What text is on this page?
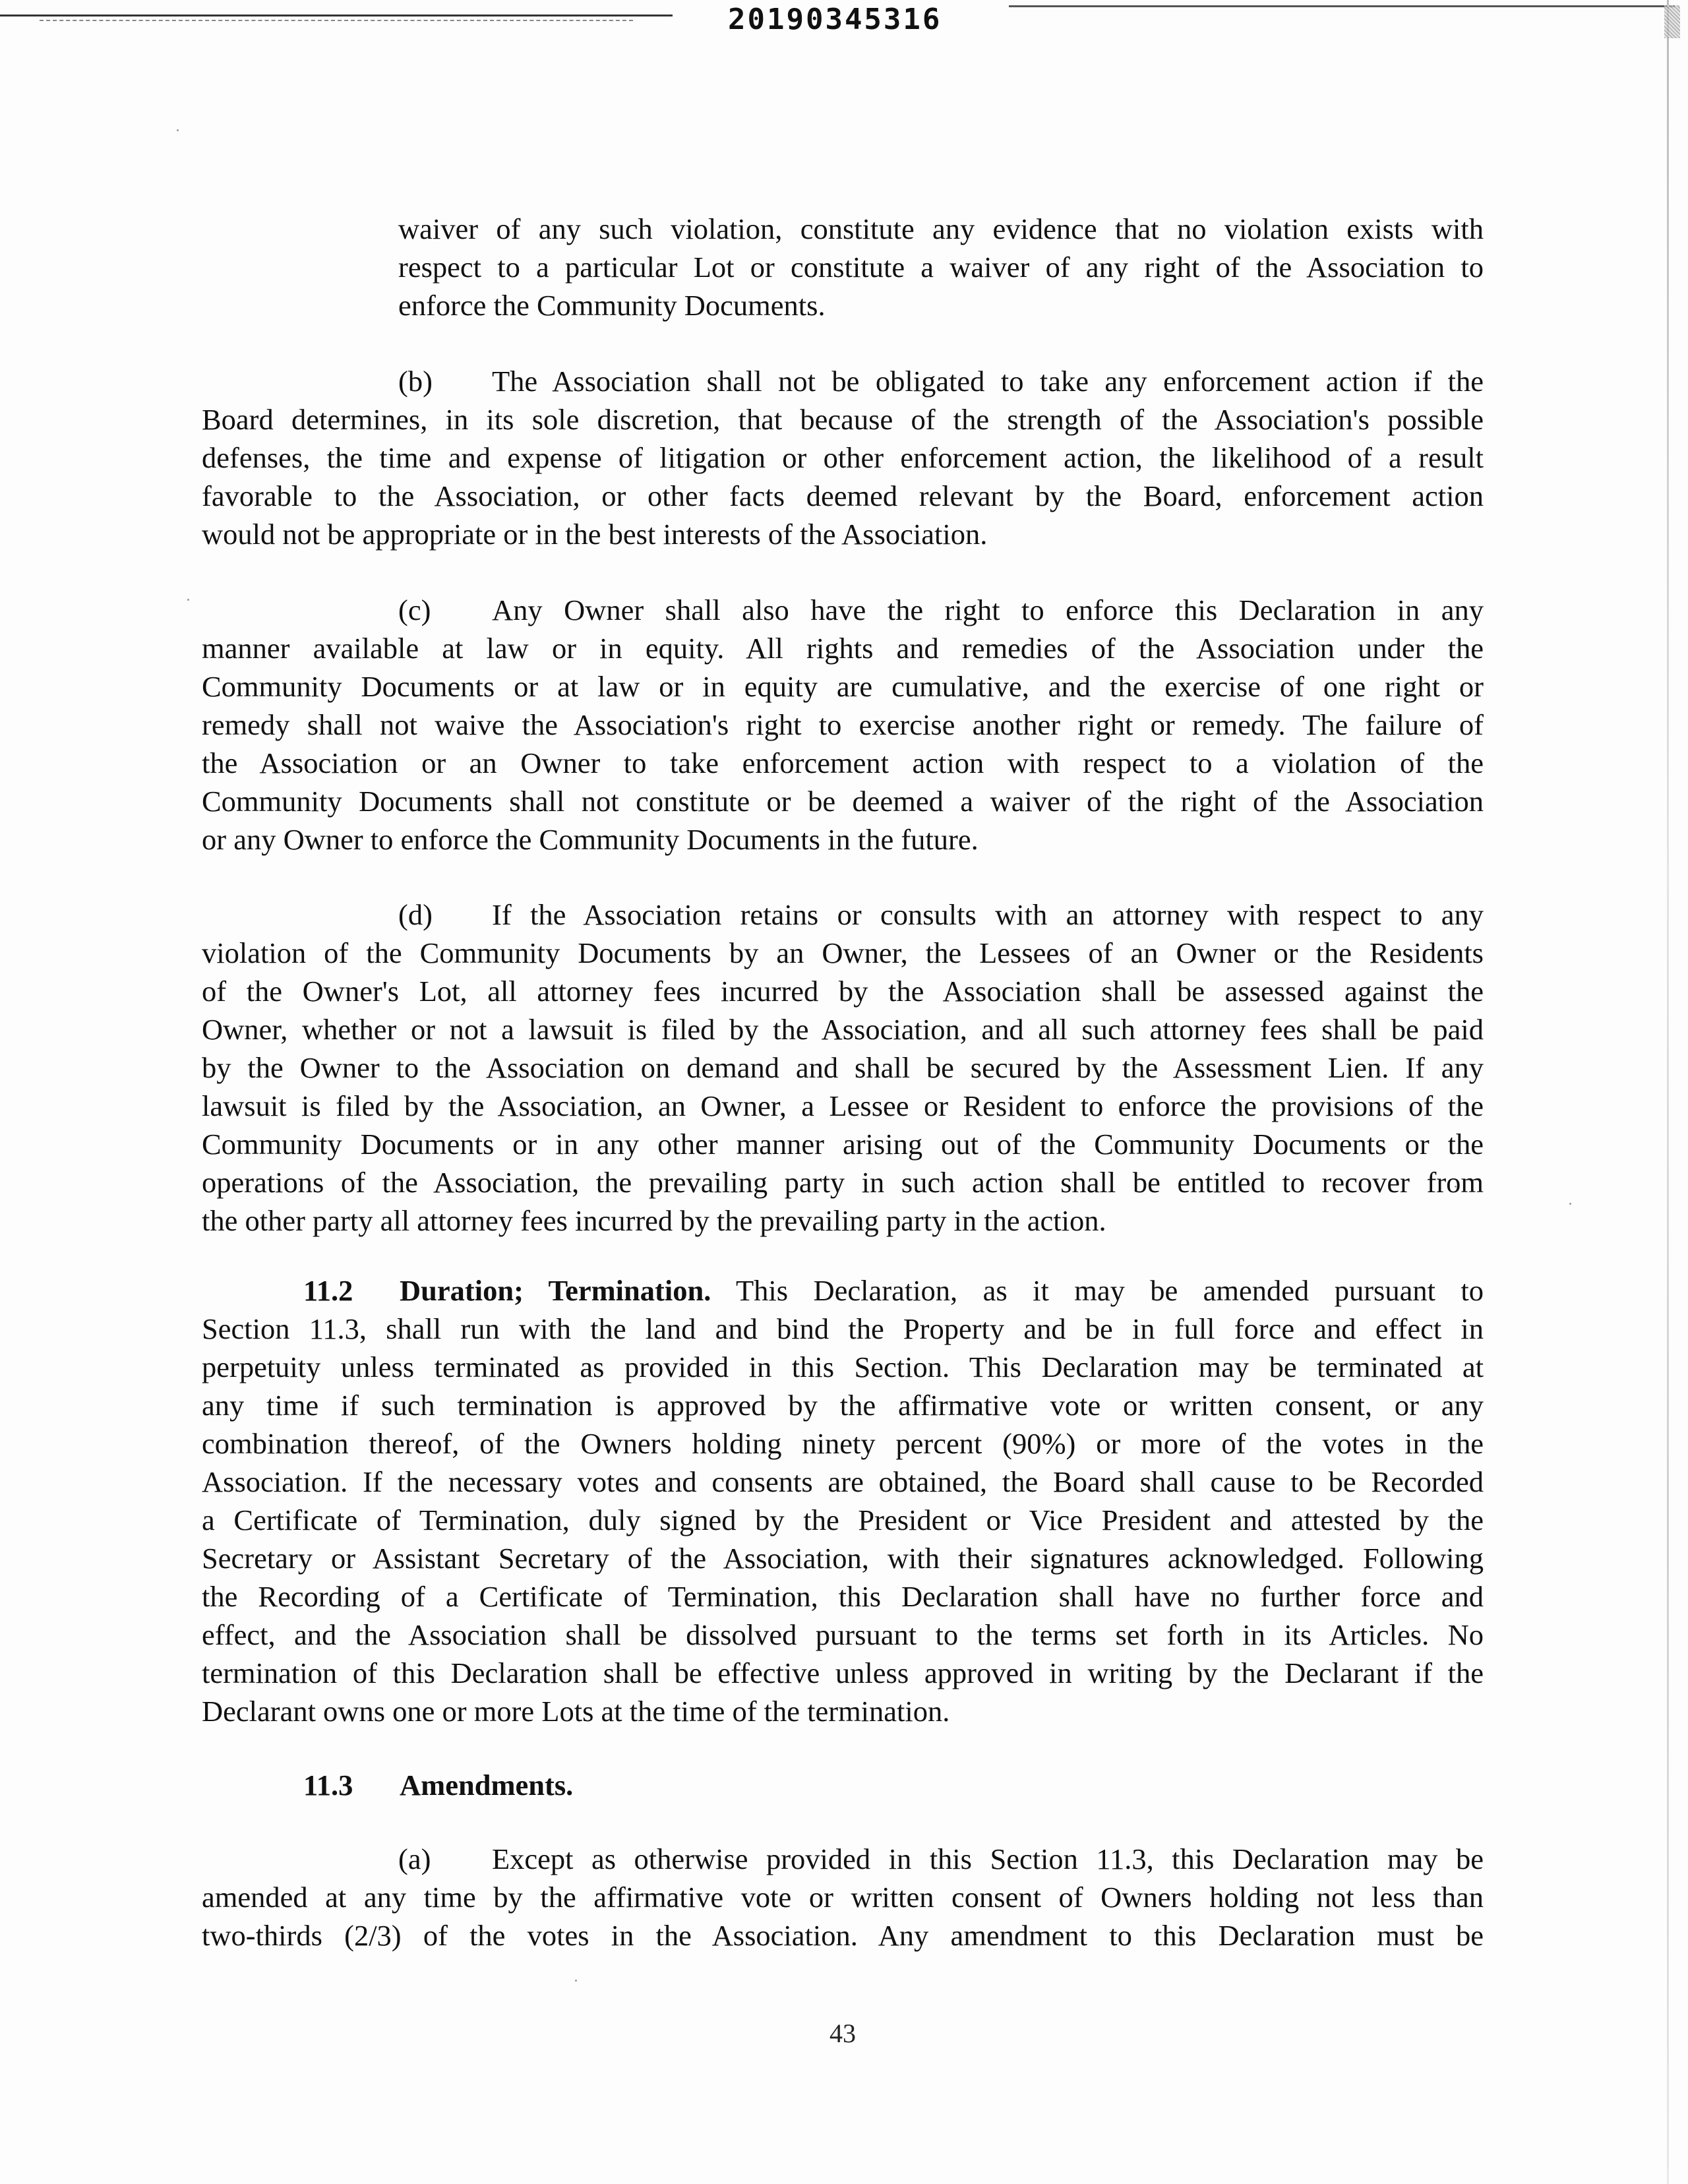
20190345316
waiver of any such violation, constitute any evidence that no violation exists with
respect to a particular Lot or constitute a waiver of any right of the Association to
enforce the Community Documents.
(b) The Association shall not be obligated to take any enforcement action if the
Board determines, in its sole discretion, that because of the strength of the Association's possible
defenses, the time and expense of litigation or other enforcement action, the likelihood of a result
favorable to the Association, or other facts deemed relevant by the Board, enforcement action
would not be appropriate or in the best interests of the Association.
(c) Any Owner shall also have the right to enforce this Declaration in any
manner available at law or in equity. All rights and remedies of the Association under the
Community Documents or at law or in equity are cumulative, and the exercise of one right or
remedy shall not waive the Association's right to exercise another right or remedy. The failure of
the Association or an Owner to take enforcement action with respect to a violation of the
Community Documents shall not constitute or be deemed a waiver of the right of the Association
or any Owner to enforce the Community Documents in the future.
(d) If the Association retains or consults with an attorney with respect to any
violation of the Community Documents by an Owner, the Lessees of an Owner or the Residents
of the Owner's Lot, all attorney fees incurred by the Association shall be assessed against the
Owner, whether or not a lawsuit is filed by the Association, and all such attorney fees shall be paid
by the Owner to the Association on demand and shall be secured by the Assessment Lien. If any
lawsuit is filed by the Association, an Owner, a Lessee or Resident to enforce the provisions of the
Community Documents or in any other manner arising out of the Community Documents or the
operations of the Association, the prevailing party in such action shall be entitled to recover from
the other party all attorney fees incurred by the prevailing party in the action.
11.2 Duration; Termination. This Declaration, as it may be amended pursuant to
Section 11.3, shall run with the land and bind the Property and be in full force and effect in
perpetuity unless terminated as provided in this Section. This Declaration may be terminated at
any time if such termination is approved by the affirmative vote or written consent, or any
combination thereof, of the Owners holding ninety percent (90%) or more of the votes in the
Association. If the necessary votes and consents are obtained, the Board shall cause to be Recorded
a Certificate of Termination, duly signed by the President or Vice President and attested by the
Secretary or Assistant Secretary of the Association, with their signatures acknowledged. Following
the Recording of a Certificate of Termination, this Declaration shall have no further force and
effect, and the Association shall be dissolved pursuant to the terms set forth in its Articles. No
termination of this Declaration shall be effective unless approved in writing by the Declarant if the
Declarant owns one or more Lots at the time of the termination.
11.3 Amendments.
(a) Except as otherwise provided in this Section 11.3, this Declaration may be
amended at any time by the affirmative vote or written consent of Owners holding not less than
two-thirds (2/3) of the votes in the Association. Any amendment to this Declaration must be
43
